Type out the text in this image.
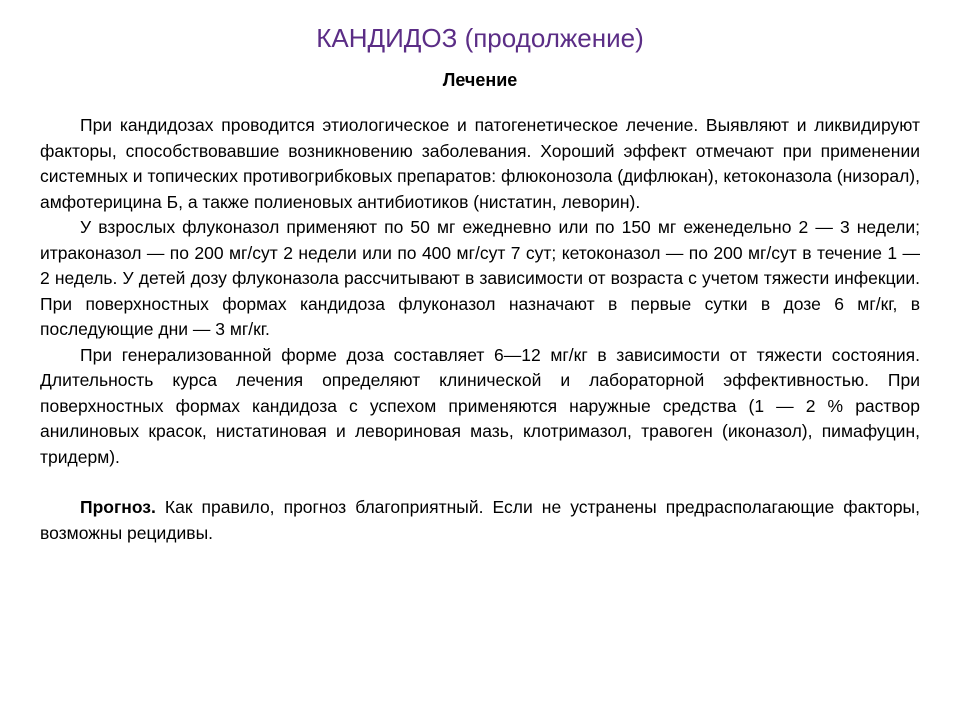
КАНДИДОЗ (продолжение)
Лечение

При кандидозах проводится этиологическое и патогенетическое лечение. Выявляют и ликвидируют факторы, способствовавшие возникновению заболевания. Хороший эффект отмечают при применении системных и топических противогрибковых препаратов: флюконозола (дифлюкан), кетоконазола (низорал), амфотерицина Б, а также полиеновых антибиотиков (нистатин, леворин).

У взрослых флуконазол применяют по 50 мг ежедневно или по 150 мг еженедельно 2 — 3 недели; итраконазол — по 200 мг/сут 2 недели или по 400 мг/сут 7 сут; кетоконазол — по 200 мг/сут в течение 1 — 2 недель. У детей дозу флуконазола рассчитывают в зависимости от возраста с учетом тяжести инфекции. При поверхностных формах кандидоза флуконазол назначают в первые сутки в дозе 6 мг/кг, в последующие дни — 3 мг/кг.

При генерализованной форме доза составляет 6—12 мг/кг в зависимости от тяжести состояния. Длительность курса лечения определяют клинической и лабораторной эффективностью. При поверхностных формах кандидоза с успехом применяются наружные средства (1 — 2 % раствор анилиновых красок, нистатиновая и левориновая мазь, клотримазол, травоген (иконазол), пимафуцин, тридерм).

Прогноз. Как правило, прогноз благоприятный. Если не устранены предрасполагающие факторы, возможны рецидивы.
